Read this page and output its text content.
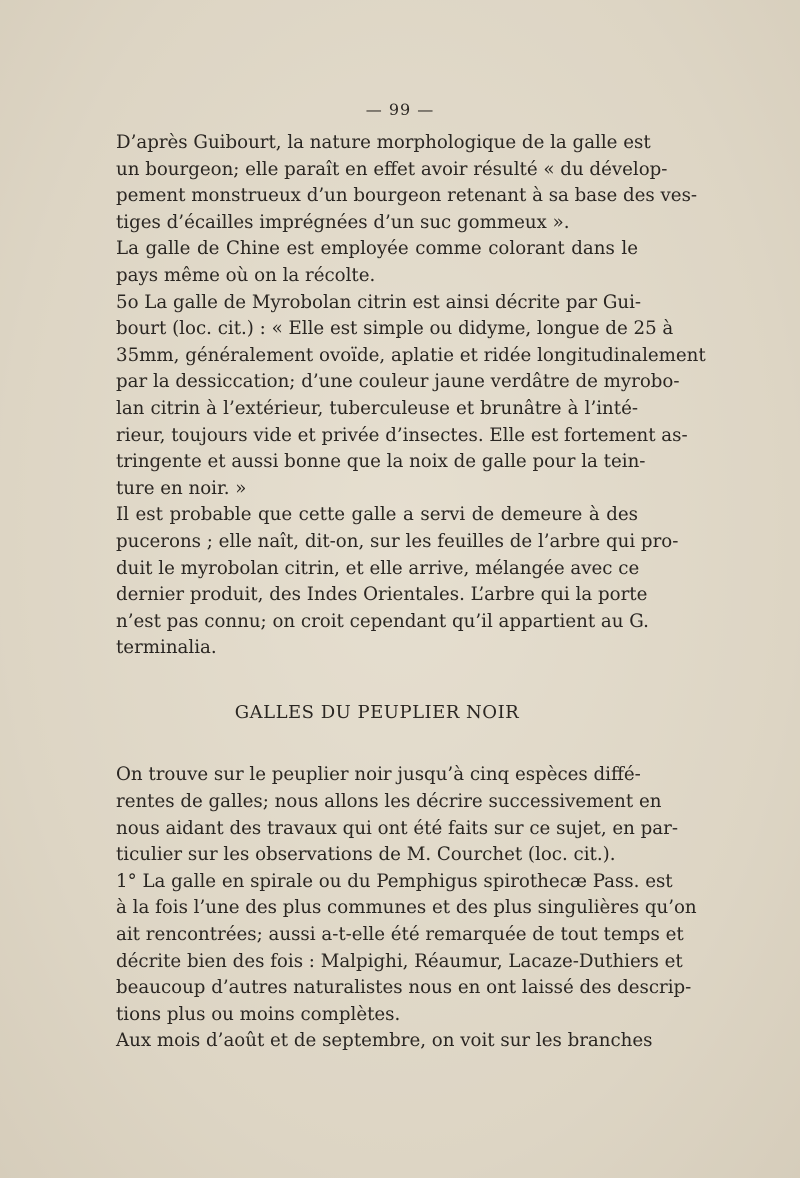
— 99 —
D’après Guibourt, la nature morphologique de la galle est
un bourgeon; elle paraît en effet avoir résulté « du dévelop-
pement monstrueux d’un bourgeon retenant à sa base des ves-
tiges d’écailles imprégnées d’un suc gommeux ».
La galle de Chine est employée comme colorant dans le
pays même où on la récolte.
5o La galle de Myrobolan citrin est ainsi décrite par Gui-
bourt (loc. cit.) : « Elle est simple ou didyme, longue de 25 à
35mm, généralement ovoïde, aplatie et ridée longitudinalement
par la dessiccation; d’une couleur jaune verdâtre de myrobo-
lan citrin à l’extérieur, tuberculeuse et brunâtre à l’inté-
rieur, toujours vide et privée d’insectes. Elle est fortement as-
tringente et aussi bonne que la noix de galle pour la tein-
ture en noir. »
Il est probable que cette galle a servi de demeure à des
pucerons ; elle naît, dit-on, sur les feuilles de l’arbre qui pro-
duit le myrobolan citrin, et elle arrive, mélangée avec ce
dernier produit, des Indes Orientales. L’arbre qui la porte
n’est pas connu; on croit cependant qu’il appartient au G.
terminalia.
GALLES DU PEUPLIER NOIR
On trouve sur le peuplier noir jusqu’à cinq espèces diffé-
rentes de galles; nous allons les décrire successivement en
nous aidant des travaux qui ont été faits sur ce sujet, en par-
ticulier sur les observations de M. Courchet (loc. cit.).
1° La galle en spirale ou du Pemphigus spirothecæ Pass. est
à la fois l’une des plus communes et des plus singulières qu’on
ait rencontrées; aussi a-t-elle été remarquée de tout temps et
décrite bien des fois : Malpighi, Réaumur, Lacaze-Duthiers et
beaucoup d’autres naturalistes nous en ont laissé des descrip-
tions plus ou moins complètes.
Aux mois d’août et de septembre, on voit sur les branches
